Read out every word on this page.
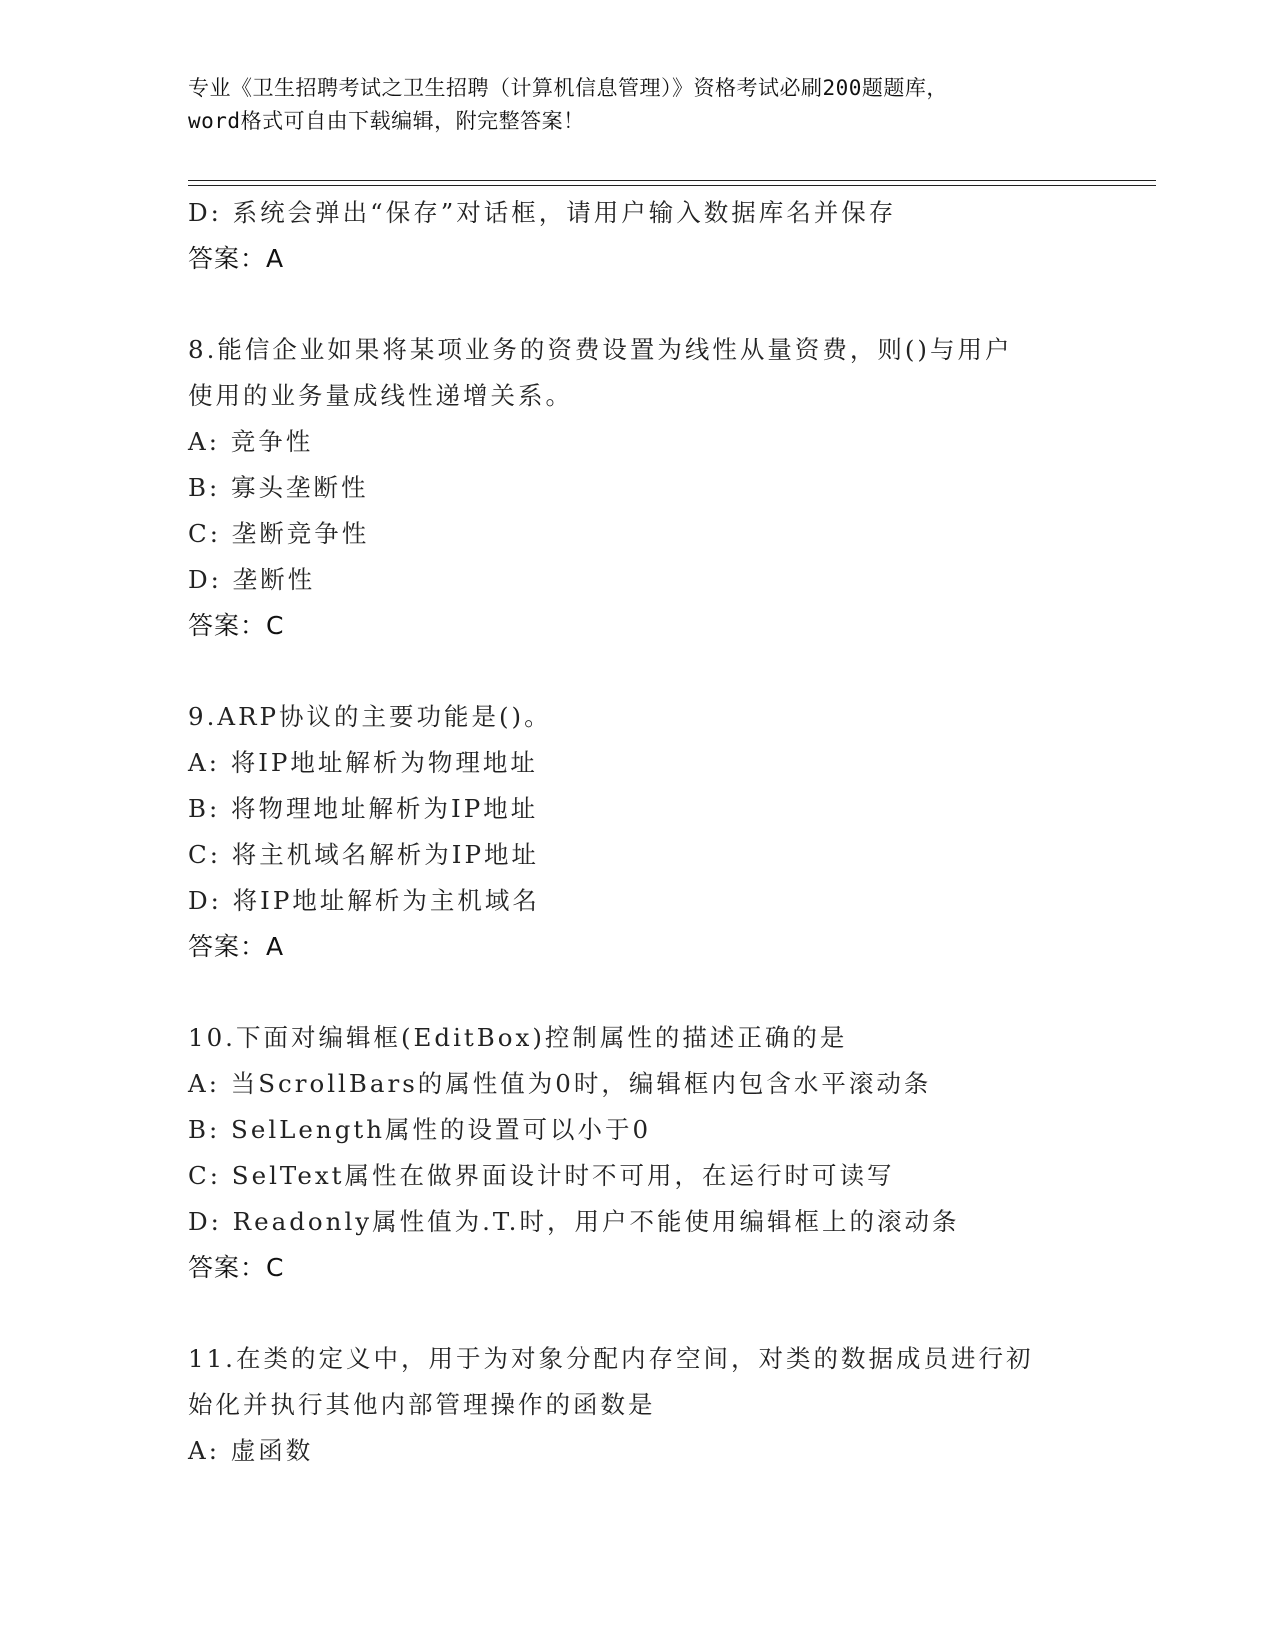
专业《卫生招聘考试之卫生招聘（计算机信息管理）》资格考试必刷200题题库，
word格式可自由下载编辑，附完整答案！
D: 系统会弹出“保存”对话框，请用户输入数据库名并保存
答案：A
8.能信企业如果将某项业务的资费设置为线性从量资费，则()与用户
使用的业务量成线性递增关系。
A: 竞争性
B: 寡头垄断性
C: 垄断竞争性
D: 垄断性
答案：C
9.ARP协议的主要功能是()。
A: 将IP地址解析为物理地址
B: 将物理地址解析为IP地址
C: 将主机域名解析为IP地址
D: 将IP地址解析为主机域名
答案：A
10.下面对编辑框(EditBox)控制属性的描述正确的是
A: 当ScrollBars的属性值为0时，编辑框内包含水平滚动条
B: SelLength属性的设置可以小于0
C: SelText属性在做界面设计时不可用，在运行时可读写
D: Readonly属性值为.T.时，用户不能使用编辑框上的滚动条
答案：C
11.在类的定义中，用于为对象分配内存空间，对类的数据成员进行初
始化并执行其他内部管理操作的函数是
A: 虚函数
